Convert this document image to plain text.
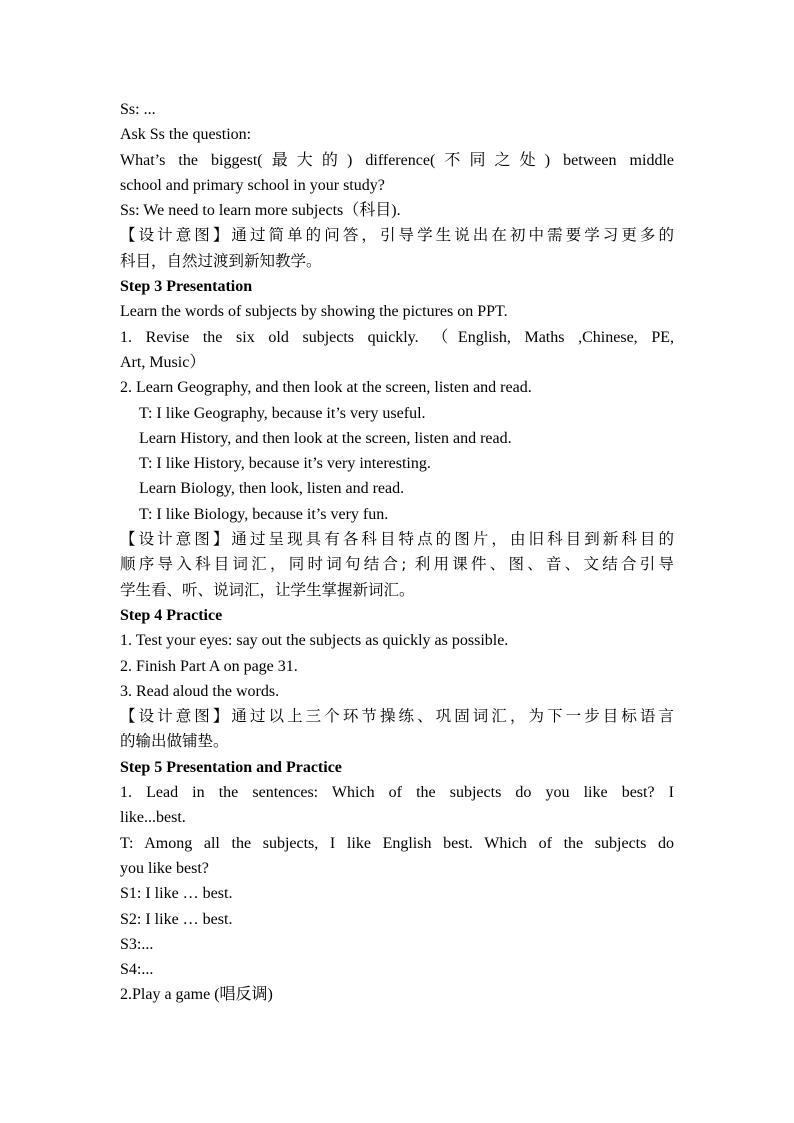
Ss: ...
Ask Ss the question:
What’s the biggest(最大的) difference(不同之处) between middle
school and primary school in your study?
Ss: We need to learn more subjects（科目).
【设计意图】通过简单的问答，引导学生说出在初中需要学习更多的
科目，自然过渡到新知教学。
Step 3 Presentation
Learn the words of subjects by showing the pictures on PPT.
1. Revise the six old subjects quickly. （English, Maths ,Chinese, PE,
Art, Music）
2. Learn Geography, and then look at the screen, listen and read.
T: I like Geography, because it’s very useful.
Learn History, and then look at the screen, listen and read.
T: I like History, because it’s very interesting.
Learn Biology, then look, listen and read.
T: I like Biology, because it’s very fun.
【设计意图】通过呈现具有各科目特点的图片，由旧科目到新科目的
顺序导入科目词汇，同时词句结合; 利用课件、图、音、文结合引导
学生看、听、说词汇，让学生掌握新词汇。
Step 4 Practice
1. Test your eyes: say out the subjects as quickly as possible.
2. Finish Part A on page 31.
3. Read aloud the words.
【设计意图】通过以上三个环节操练、巩固词汇，为下一步目标语言
的输出做铺垫。
Step 5 Presentation and Practice
1. Lead in the sentences: Which of the subjects do you like best? I
like...best.
T: Among all the subjects, I like English best. Which of the subjects do
you like best?
S1: I like … best.
S2: I like … best.
S3:...
S4:...
2.Play a game (唱反调)
